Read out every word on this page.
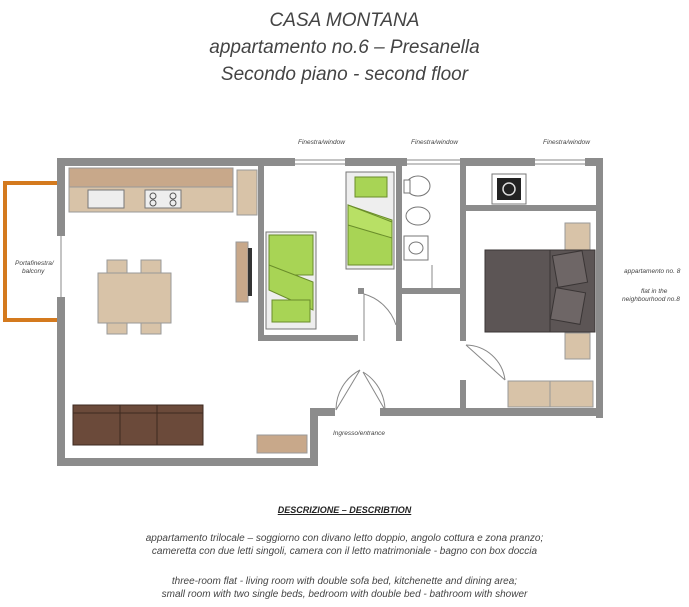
CASA MONTANA
appartamento no.6 – Presanella
Secondo piano - second floor
Finestra/window	Finestra/window	Finestra/window
Portafinestra/
balcony
Ingresso/entrance
appartamento no. 8
flat in the
neighbourhood no.8
DESCRIZIONE – DESCRIBTION
appartamento trilocale – soggiorno con divano letto doppio, angolo cottura e zona pranzo;
cameretta con due letti singoli, camera con il letto matrimoniale - bagno con box doccia
three-room flat - living room with double sofa bed, kitchenette and dining area;
small room with two single beds, bedroom with double bed - bathroom with shower
